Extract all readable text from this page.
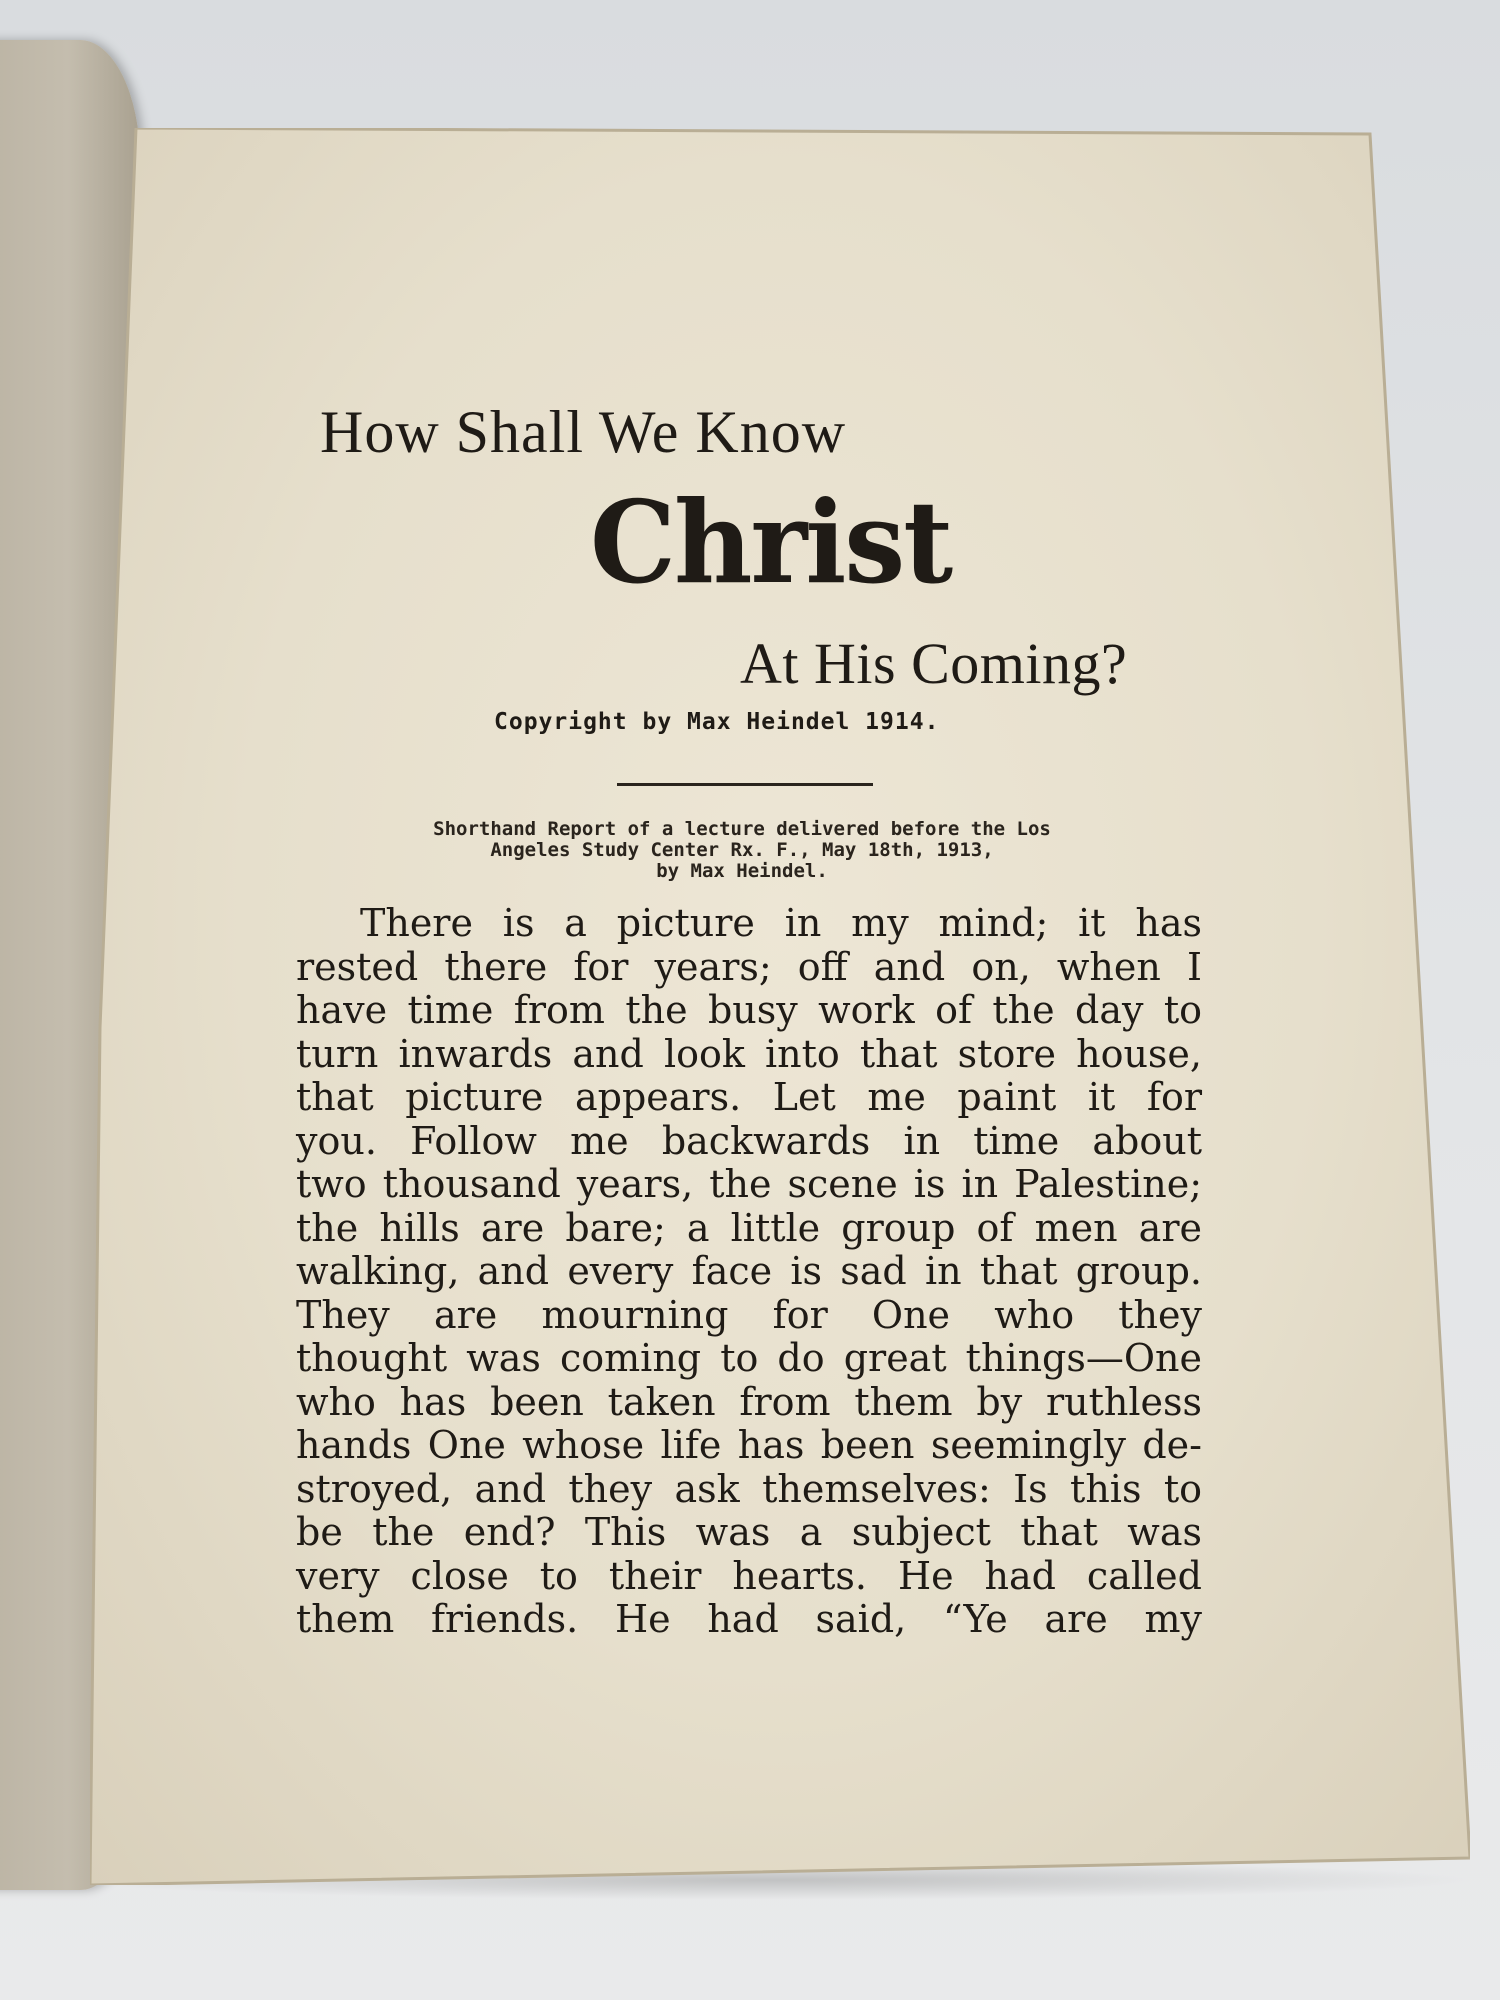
How Shall We Know
Christ
At His Coming?
Copyright by Max Heindel 1914.
Shorthand Report of a lecture delivered before the Los
Angeles Study Center Rx. F., May 18th, 1913,
by Max Heindel.
There is a picture in my mind; it has
rested there for years; off and on, when I
have time from the busy work of the day to
turn inwards and look into that store house,
that picture appears. Let me paint it for
you. Follow me backwards in time about
two thousand years, the scene is in Palestine;
the hills are bare; a little group of men are
walking, and every face is sad in that group.
They are mourning for One who they
thought was coming to do great things—One
who has been taken from them by ruthless
hands One whose life has been seemingly de-
stroyed, and they ask themselves: Is this to
be the end? This was a subject that was
very close to their hearts. He had called
them friends. He had said, “Ye are my
